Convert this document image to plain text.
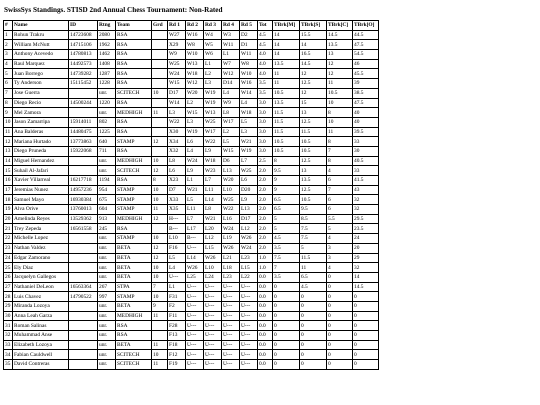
SwissSys Standings. STISD 2nd Annual Chess Tournament: Non-Rated
#	Name	ID	Rtng	Team	Grd	Rd 1	Rd 2	Rd 3	Rd 4	Rd 5	Tot	TBrk[M]	TBrk[S]	TBrk[C]	TBrk[O]
1	Rohun Trakru	14723608	2080	RSA		W27	W16	W4	W3	D2	4.5	14	15.5	14.5	44.5
2	William McNutt	14715106	1962	RSA		X29	W8	W5	W11	D1	4.5	14	14	13.5	47.5
3	Anthony Acevedo	14780813	1462	RSA		W9	W10	W6	L1	W11	4.0	14	16.5	13	54.5
4	Raul Marquez	14492573	1408	RSA		W25	W13	L1	W7	W8	4.0	13.5	14.5	12	46
5	Juan Borrego	14739282	1287	RSA		W24	W18	L2	W12	W10	4.0	11	12	12	45.5
6	Ty Anderson	15115452	1228	RSA		W15	W12	L3	D14	W16	3.5	11	12.5	11	39
7	Jose Guerra		unr.	SCITECH	10	D17	W20	W19	L4	W14	3.5	10.5	12	10.5	38.5
8	Diego Recio	14500244	1220	RSA		W14	L2	W19	W9	L4	3.0	13.5	15	10	47.5
9	Mel Zamora		unr.	MEDHIGH	11	L3	W15	W13	L8	W18	3.0	11.5	13	8	40
10	Jason Zamarripa	15914011	802	RSA		W22	L3	W25	W17	L5	3.0	11.5	12.5	10	40
11	Ana Balderas	14480475	1225	RSA		X30	W19	W17	L2	L3	3.0	11.5	11.5	11	39.5
12	Mariana Hurtado	13773863	640	STAMP	12	X34	L6	W22	L5	W21	3.0	10.5	10.5	8	33
13	Diego Pruneda	15922068	711	RSA		X32	L4	L9	W15	W19	3.0	10.5	10.5	7	30
14	Miguel Hernandez		unr.	MEDHIGH	10	L8	W24	W18	D6	L7	2.5	8	12.5	8	40.5
15	Suhail Al-Jafari		unr.	SCITECH	12	L6	L9	W23	L13	W25	2.0	9.5	13	4	33
16	Xavier Villarreal	16217718	1194	RSA	8	X23	L1	L7	W20	L6	2.0	9	13.5	6	41.5
17	Jeremias Nunez	14957236	954	STAMP	10	D7	W21	L11	L10	D20	2.0	9	12.5	7	43
18	Samuel Mayo	16930384	675	STAMP	10	X33	L5	L14	W25	L9	2.0	6.5	10.5	6	32
19	Alva Orive	13760013	604	STAMP	11	X35	L11	L8	W22	L13	2.0	6.5	9.5	6	32
20	Amelinda Reyes	13529362	913	MEDHIGH	12	H---	L7	W21	L16	D17	2.0	5	8.5	5.5	29.5
21	Trey Zepeda	16561558	245	RSA		B---	L17	L20	W24	L12	2.0	5	7.5	5	23.5
22	Michelle Lopez		unr.	STAMP	10	L10	B---	L12	L19	W26	2.0	4.5	7.5	4	24
23	Nathan Valdez		unr.	BETA	12	F16	U---	L15	W26	W24	2.0	3.5	5	3	20
24	Edgar Zamorano		unr.	BETA	12	L5	L14	W26	L21	L23	1.0	7.5	11.5	3	29
25	Ely Diaz		unr.	BETA	10	L4	W26	L10	L18	L15	1.0	7	11	4	32
26	Jacquelyn Gallegos		unr.	BETA	10	U---	L25	L24	L23	L22	0.0	3.5	6.5	0	14
27	Nathaniel DeLeon	16563364	267	STPA	7	L1	U---	U---	U---	U---	0.0	0	4.5	0	14.5
28	Luis Chavez	14790522	997	STAMP	10	F31	U---	U---	U---	U---	0.0	0	0	0	0
29	Miranda Lozoya		unr.	BETA	9	F2	U---	U---	U---	U---	0.0	0	0	0	0
30	Anna Leah Garza		unr.	MEDHIGH	11	F11	U---	U---	U---	U---	0.0	0	0	0	0
31	Roman Salinas		unr.	RSA		F28	U---	U---	U---	U---	0.0	0	0	0	0
32	Muhammad Anse		unr.	RSA		F13	U---	U---	U---	U---	0.0	0	0	0	0
33	Elizabeth Lozoya		unr.	BETA	11	F18	U---	U---	U---	U---	0.0	0	0	0	0
34	Fabian Cauldwell		unr.	SCITECH	10	F12	U---	U---	U---	U---	0.0	0	0	0	0
35	David Contreras		unr.	SCITECH	11	F19	U---	U---	U---	U---	0.0	0	0	0	0
